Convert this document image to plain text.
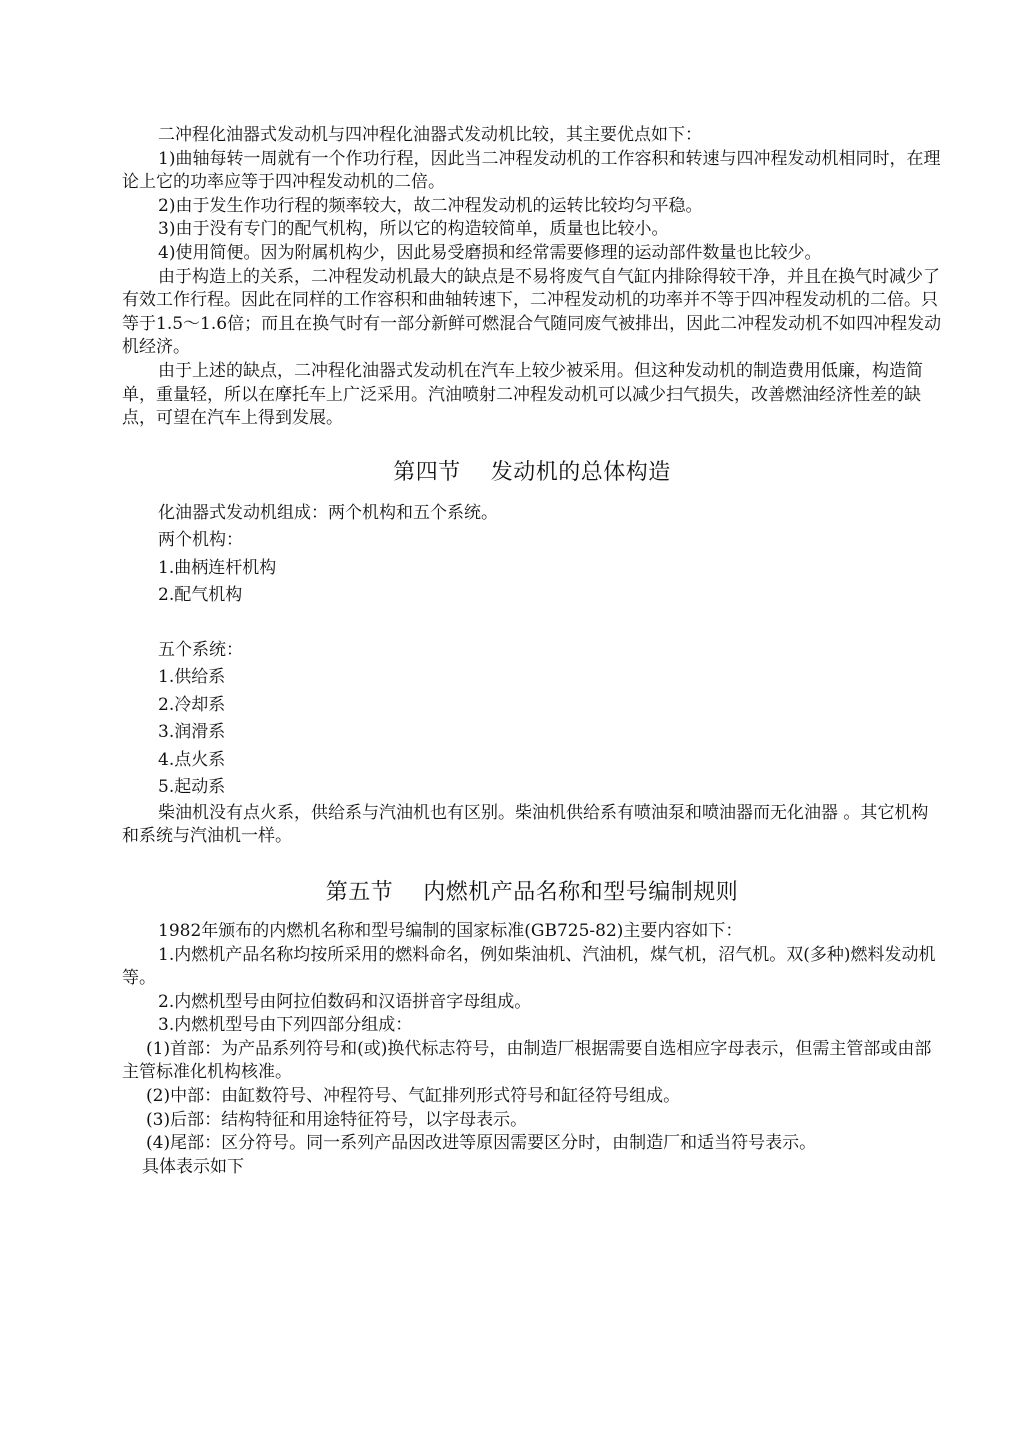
二冲程化油器式发动机与四冲程化油器式发动机比较，其主要优点如下：

1)曲轴每转一周就有一个作功行程，因此当二冲程发动机的工作容积和转速与四冲程发动机相同时，在理论上它的功率应等于四冲程发动机的二倍。

2)由于发生作功行程的频率较大，故二冲程发动机的运转比较均匀平稳。

3)由于没有专门的配气机构，所以它的构造较简单，质量也比较小。

4)使用简便。因为附属机构少，因此易受磨损和经常需要修理的运动部件数量也比较少。

由于构造上的关系，二冲程发动机最大的缺点是不易将废气自气缸内排除得较干净，并且在换气时减少了有效工作行程。因此在同样的工作容积和曲轴转速下，二冲程发动机的功率并不等于四冲程发动机的二倍。只等于1.5～1.6倍；而且在换气时有一部分新鲜可燃混合气随同废气被排出，因此二冲程发动机不如四冲程发动机经济。

由于上述的缺点，二冲程化油器式发动机在汽车上较少被采用。但这种发动机的制造费用低廉，构造简单，重量轻，所以在摩托车上广泛采用。汽油喷射二冲程发动机可以减少扫气损失，改善燃油经济性差的缺点，可望在汽车上得到发展。

第四节 发动机的总体构造

化油器式发动机组成：两个机构和五个系统。

两个机构：

1.曲柄连杆机构

2.配气机构

五个系统：

1.供给系

2.冷却系

3.润滑系

4.点火系

5.起动系

柴油机没有点火系，供给系与汽油机也有区别。柴油机供给系有喷油泵和喷油器而无化油器 。其它机构和系统与汽油机一样。

第五节 内燃机产品名称和型号编制规则

1982年颁布的内燃机名称和型号编制的国家标准(GB725-82)主要内容如下：

1.内燃机产品名称均按所采用的燃料命名，例如柴油机、汽油机，煤气机，沼气机。双(多种)燃料发动机等。

2.内燃机型号由阿拉伯数码和汉语拼音字母组成。

3.内燃机型号由下列四部分组成：

(1)首部：为产品系列符号和(或)换代标志符号，由制造厂根据需要自选相应字母表示，但需主管部或由部主管标准化机构核准。

(2)中部：由缸数符号、冲程符号、气缸排列形式符号和缸径符号组成。

(3)后部：结构特征和用途特征符号，以字母表示。

(4)尾部：区分符号。同一系列产品因改进等原因需要区分时，由制造厂和适当符号表示。

具体表示如下
